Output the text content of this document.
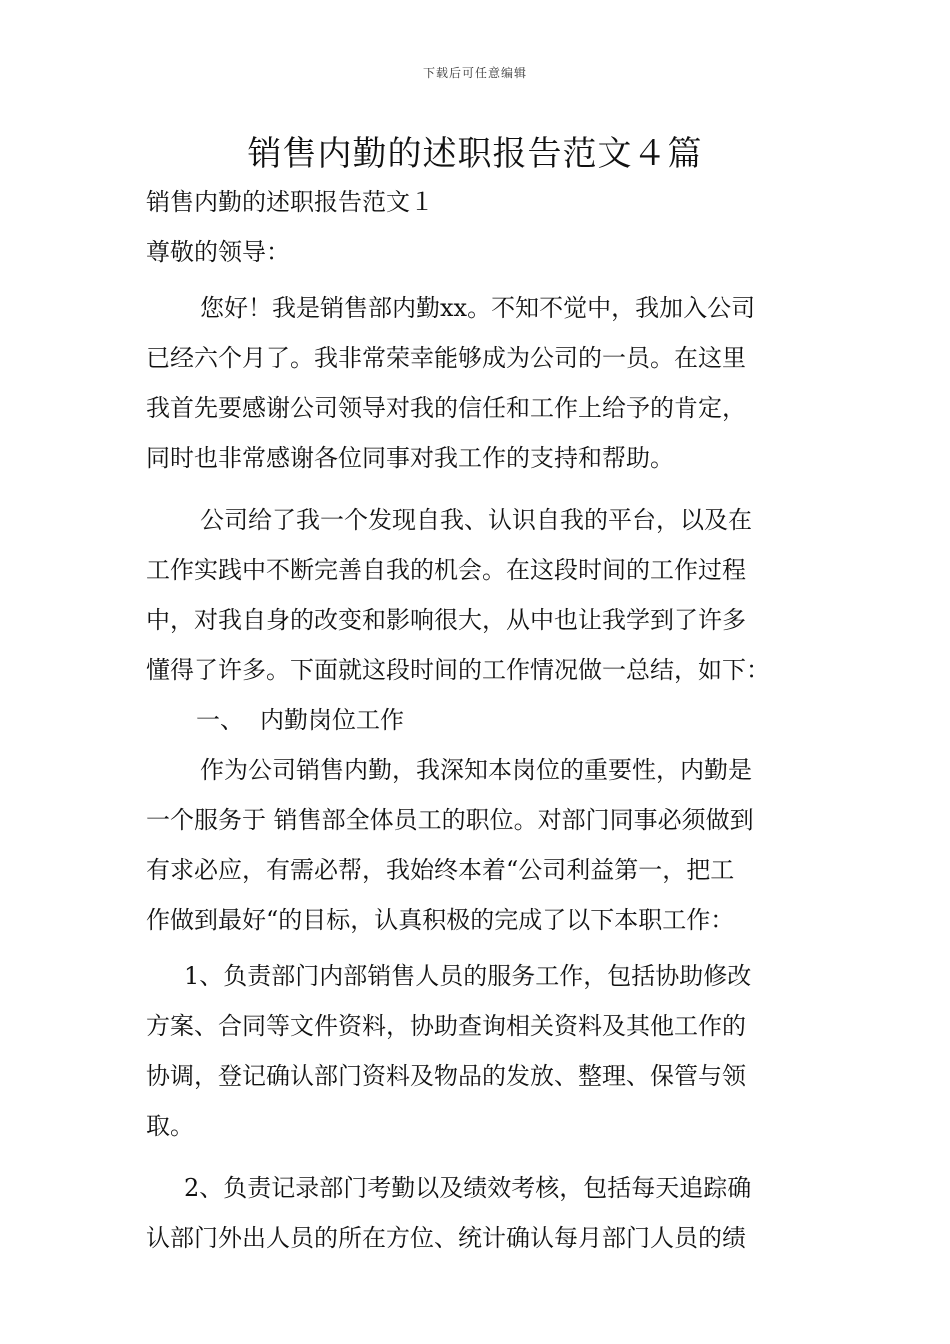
下载后可任意编辑
销售内勤的述职报告范文４篇

销售内勤的述职报告范文１

尊敬的领导：

您好！我是销售部内勤xx。不知不觉中，我加入公司

已经六个月了。我非常荣幸能够成为公司的一员。在这里

我首先要感谢公司领导对我的信任和工作上给予的肯定，

同时也非常感谢各位同事对我工作的支持和帮助。

公司给了我一个发现自我、认识自我的平台，以及在

工作实践中不断完善自我的机会。在这段时间的工作过程

中，对我自身的改变和影响很大，从中也让我学到了许多

懂得了许多。下面就这段时间的工作情况做一总结，如下：

一、 内勤岗位工作

作为公司销售内勤，我深知本岗位的重要性，内勤是

一个服务于 销售部全体员工的职位。对部门同事必须做到

有求必应，有需必帮，我始终本着“公司利益第一，把工

作做到最好“的目标，认真积极的完成了以下本职工作：

1、负责部门内部销售人员的服务工作，包括协助修改

方案、合同等文件资料，协助查询相关资料及其他工作的

协调，登记确认部门资料及物品的发放、整理、保管与领

取。

2、负责记录部门考勤以及绩效考核，包括每天追踪确

认部门外出人员的所在方位、统计确认每月部门人员的绩
